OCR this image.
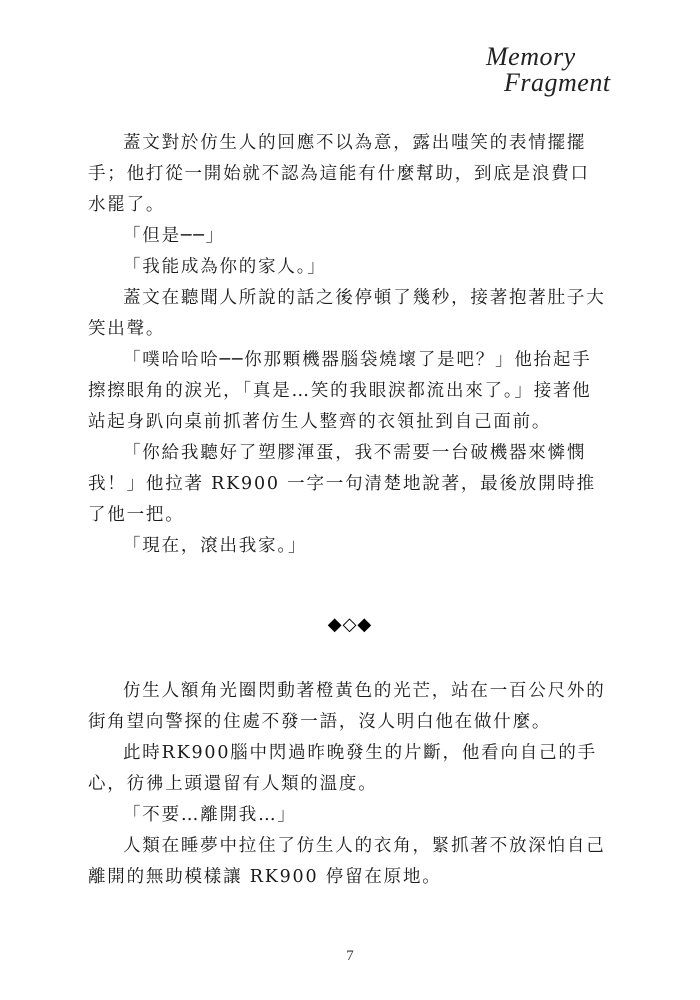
Memory
Fragment

蓋文對於仿生人的回應不以為意，露出嗤笑的表情擺擺手；他打從一開始就不認為這能有什麼幫助，到底是浪費口水罷了。

「但是──」

「我能成為你的家人。」

蓋文在聽聞人所說的話之後停頓了幾秒，接著抱著肚子大笑出聲。

「噗哈哈哈──你那顆機器腦袋燒壞了是吧？」他抬起手擦擦眼角的淚光，「真是…笑的我眼淚都流出來了。」接著他站起身趴向桌前抓著仿生人整齊的衣領扯到自己面前。

「你給我聽好了塑膠渾蛋，我不需要一台破機器來憐憫我！」他拉著 RK900 一字一句清楚地說著，最後放開時推了他一把。

「現在，滾出我家。」

◆◇◆

仿生人額角光圈閃動著橙黃色的光芒，站在一百公尺外的街角望向警探的住處不發一語，沒人明白他在做什麼。

此時RK900腦中閃過昨晚發生的片斷，他看向自己的手心，彷彿上頭還留有人類的溫度。

「不要…離開我…」

人類在睡夢中拉住了仿生人的衣角，緊抓著不放深怕自己離開的無助模樣讓 RK900 停留在原地。

7
